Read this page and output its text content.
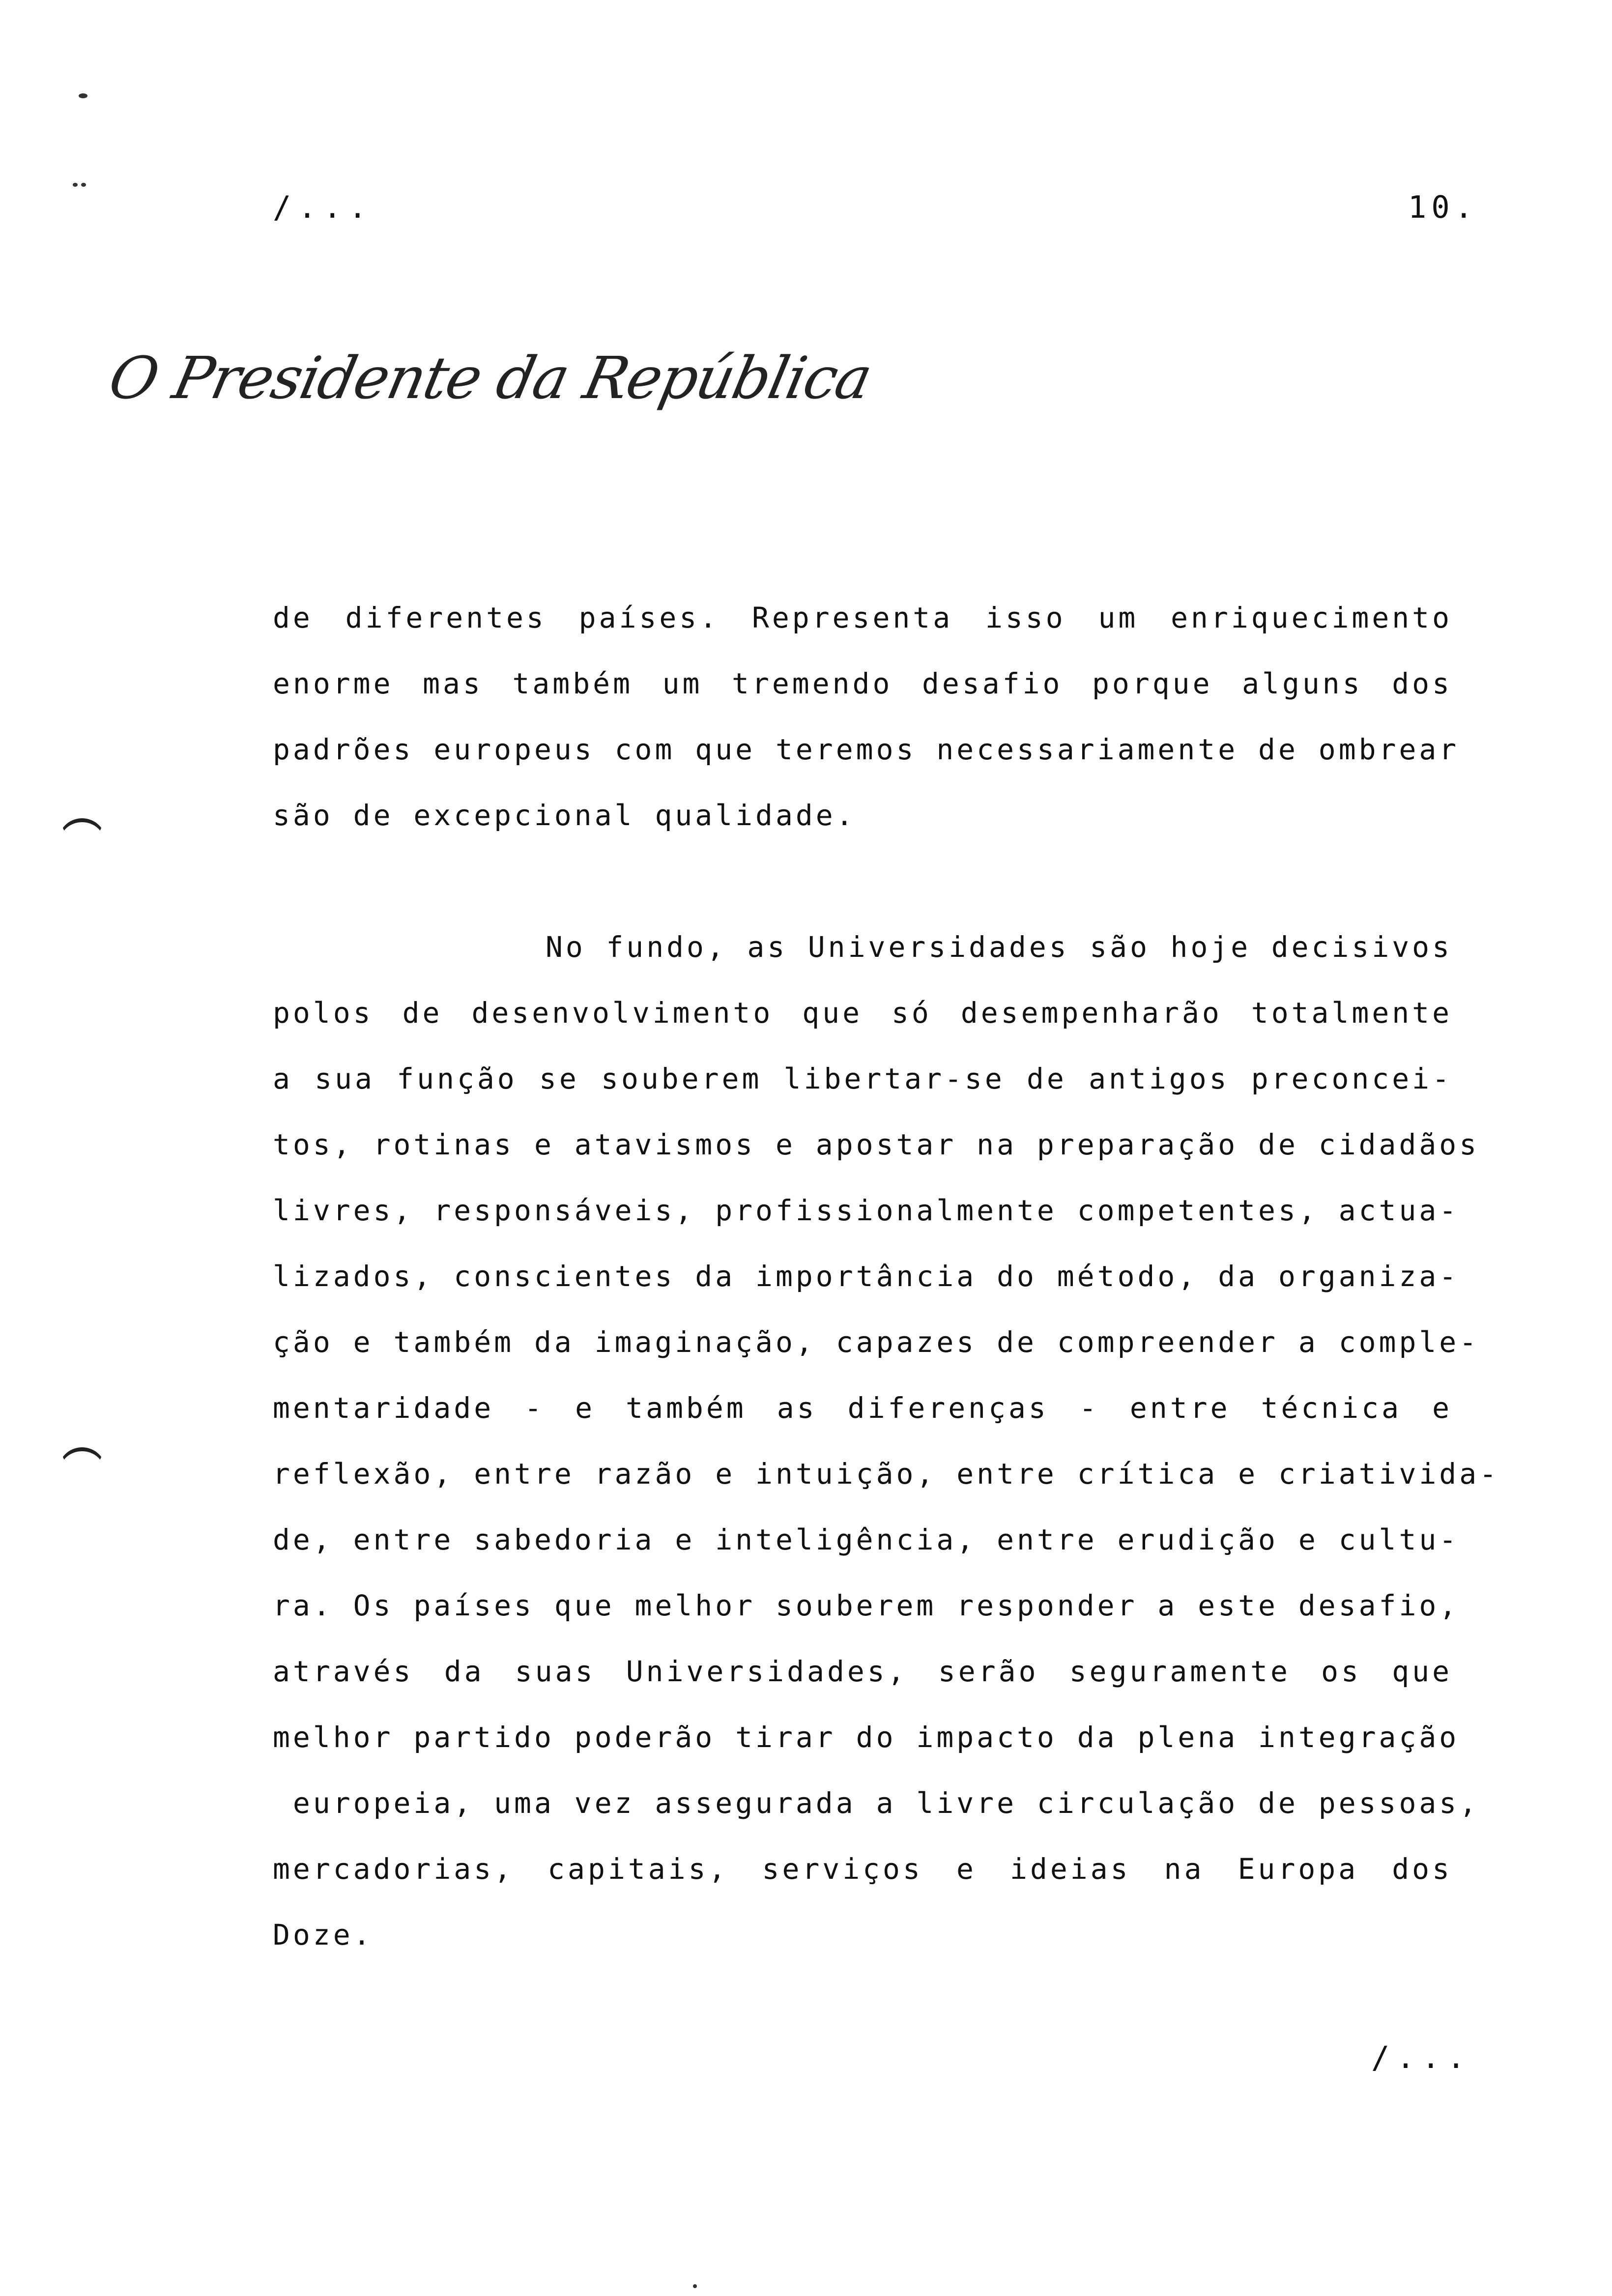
/...	10.
O Presidente da República
de diferentes países. Representa isso um enriquecimento
enorme mas também um tremendo desafio porque alguns dos
padrões europeus com que teremos necessariamente de ombrear
são de excepcional qualidade.
No fundo, as Universidades são hoje decisivos
polos de desenvolvimento que só desempenharão totalmente
a sua função se souberem libertar-se de antigos preconcei-
tos, rotinas e atavismos e apostar na preparação de cidadãos
livres, responsáveis, profissionalmente competentes, actua-
lizados, conscientes da importância do método, da organiza-
ção e também da imaginação, capazes de compreender a comple-
mentaridade - e também as diferenças - entre técnica e
reflexão, entre razão e intuição, entre crítica e criativida-
de, entre sabedoria e inteligência, entre erudição e cultu-
ra. Os países que melhor souberem responder a este desafio,
através da suas Universidades, serão seguramente os que
melhor partido poderão tirar do impacto da plena integração
europeia, uma vez assegurada a livre circulação de pessoas,
mercadorias, capitais, serviços e ideias na Europa dos
Doze.
/...
